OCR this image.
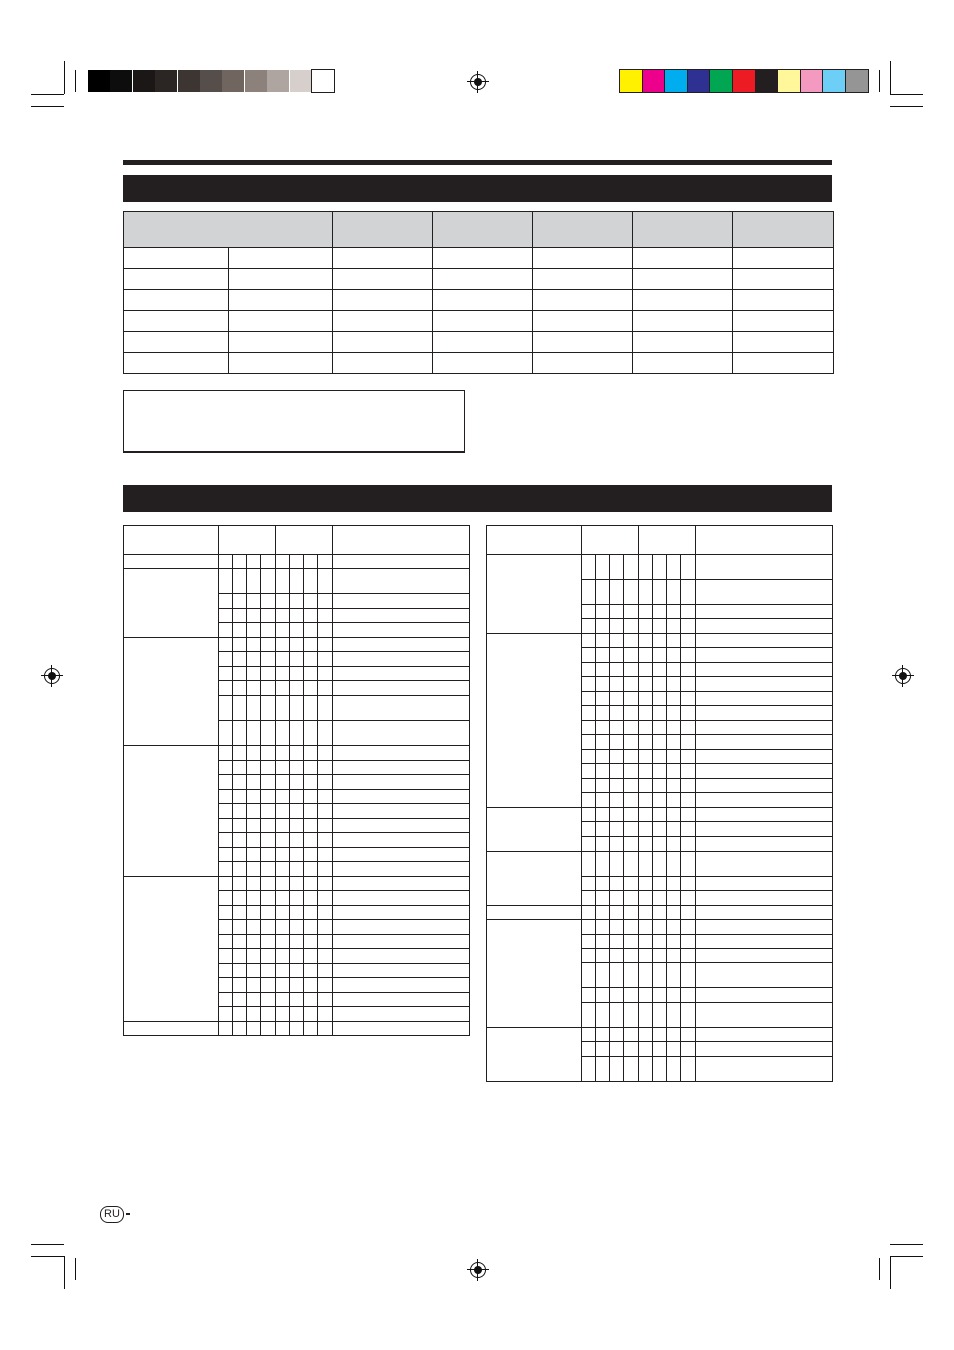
RU
